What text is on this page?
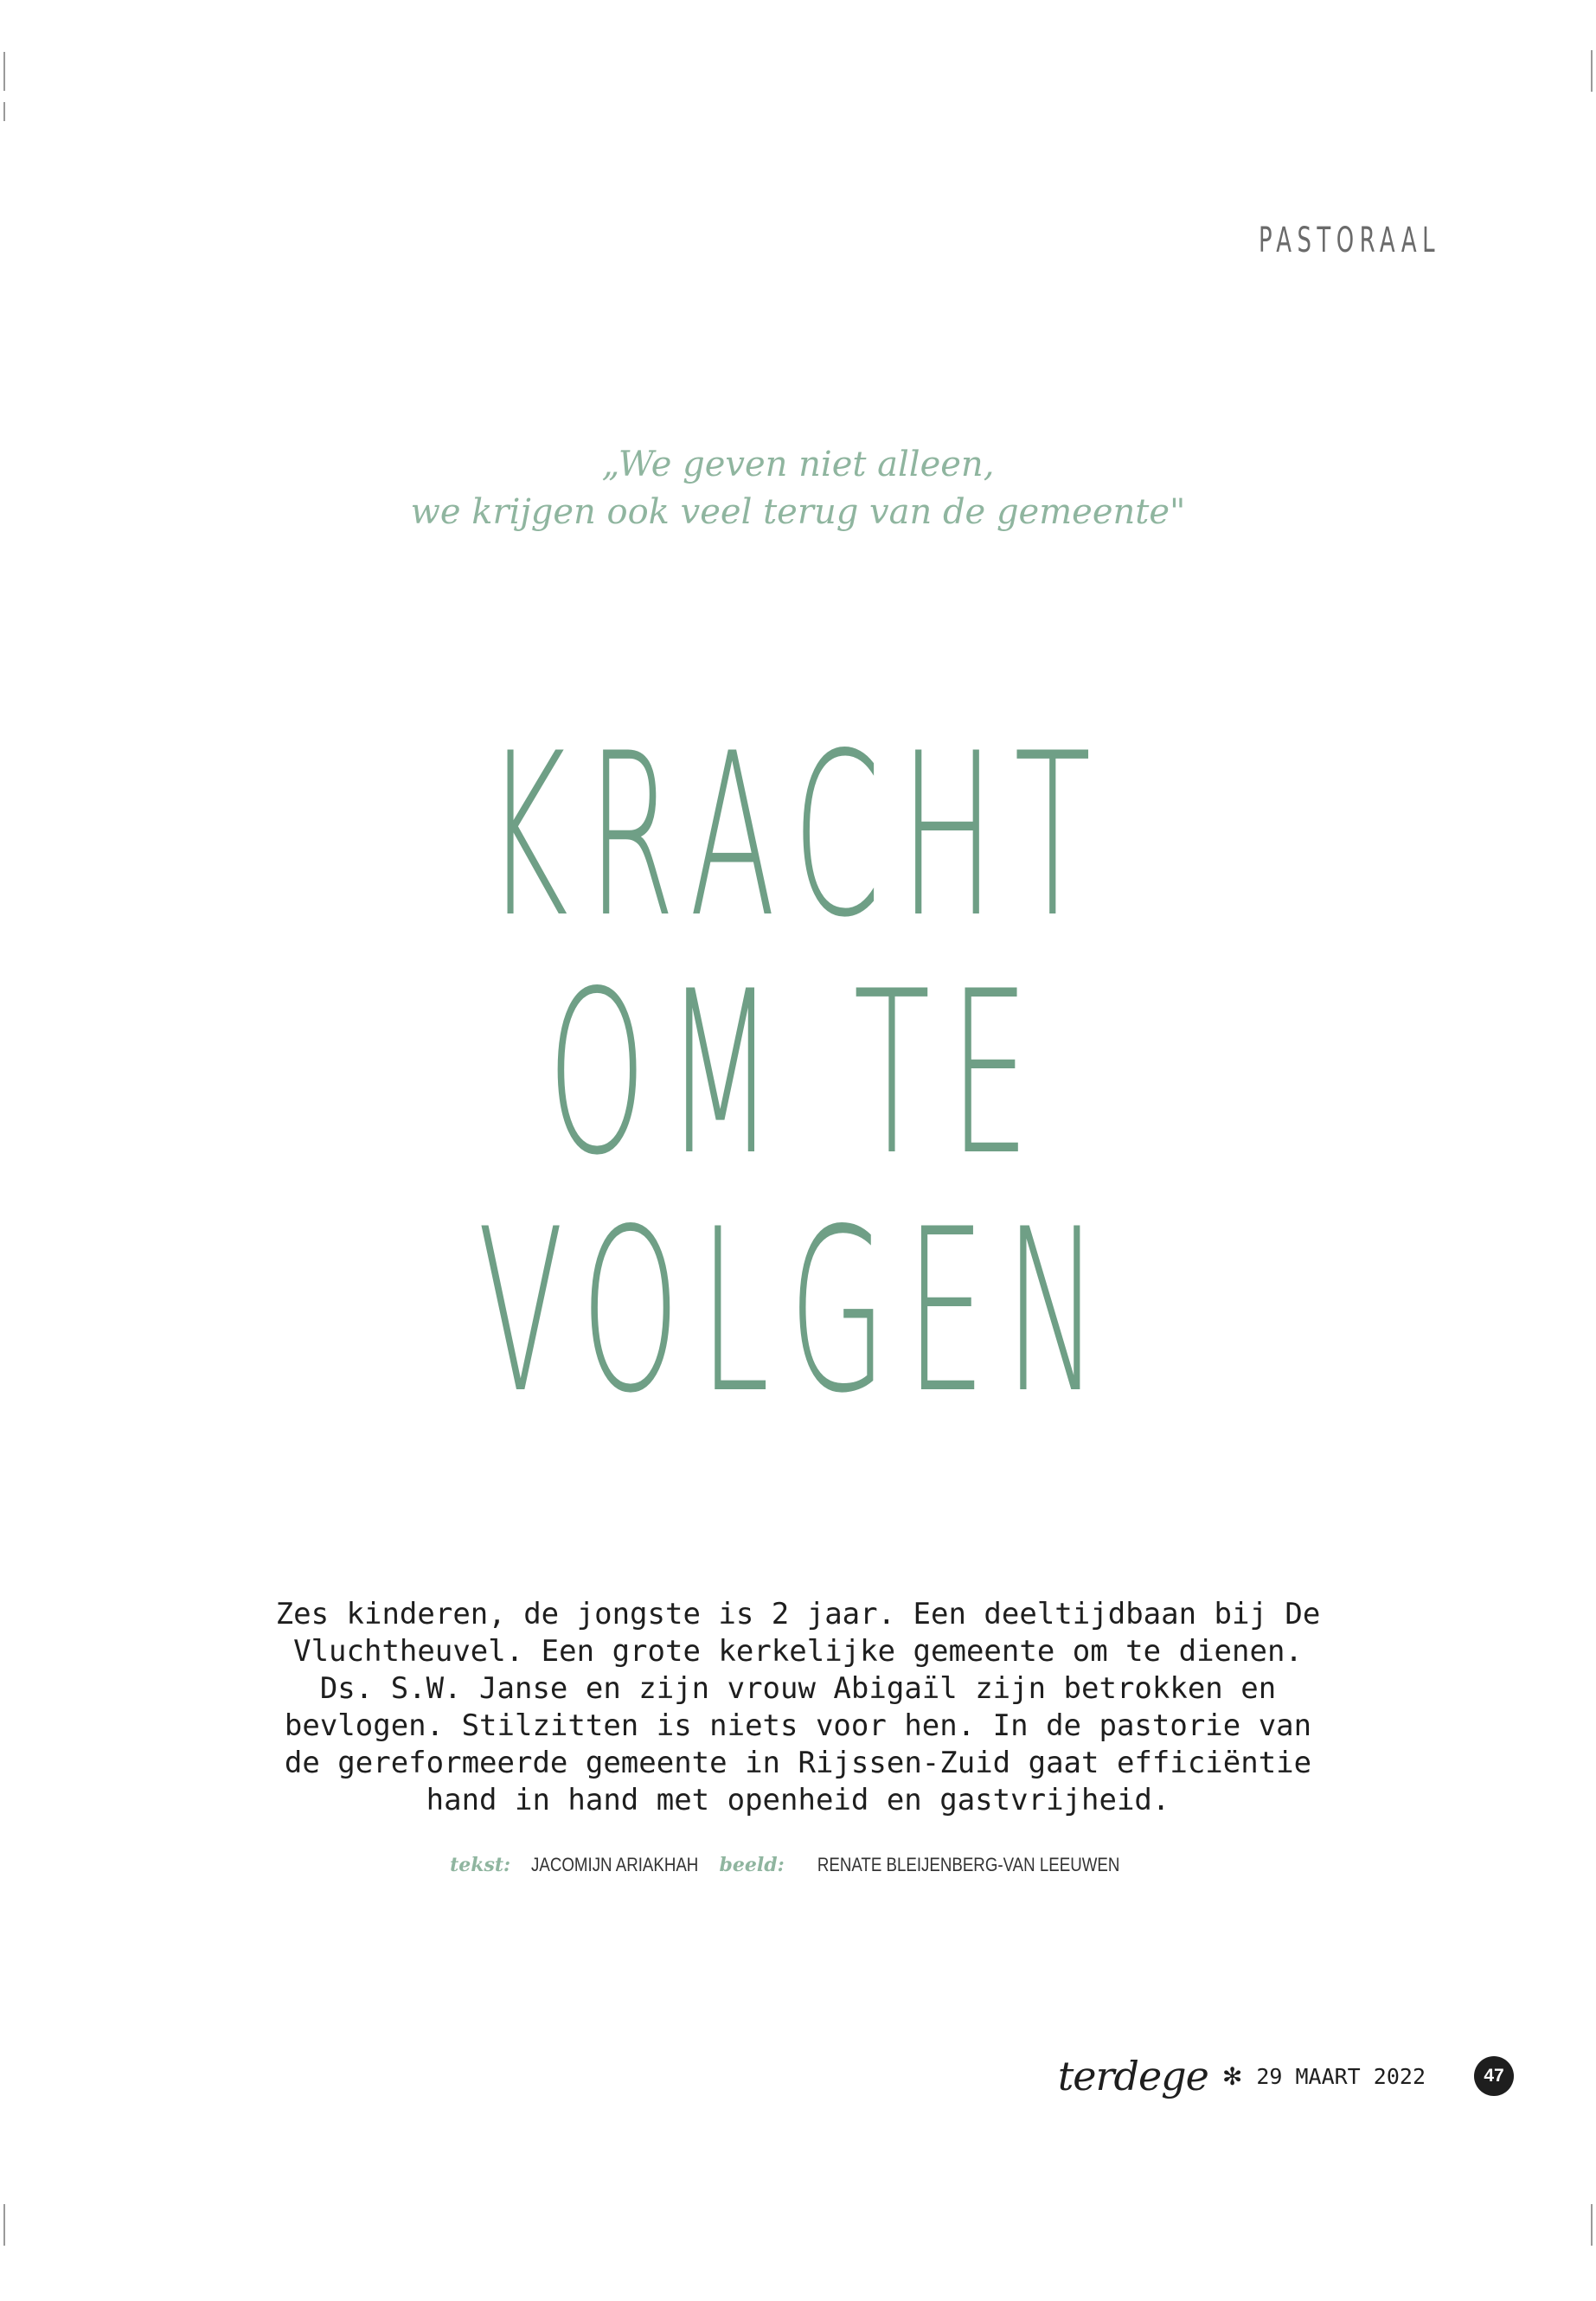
PASTORAAL
„We geven niet alleen,
we krijgen ook veel terug van de gemeente"
KRACHT
OM TE
VOLGEN
Zes kinderen, de jongste is 2 jaar. Een deeltijdbaan bij De
Vluchtheuvel. Een grote kerkelijke gemeente om te dienen.
Ds. S.W. Janse en zijn vrouw Abigaïl zijn betrokken en
bevlogen. Stilzitten is niets voor hen. In de pastorie van
de gereformeerde gemeente in Rijssen-Zuid gaat efficiëntie
hand in hand met openheid en gastvrijheid.
tekst: JACOMIJN ARIAKHAH beeld: RENATE BLEIJENBERG-VAN LEEUWEN
terdege ✻ 29 MAART 2022	47
